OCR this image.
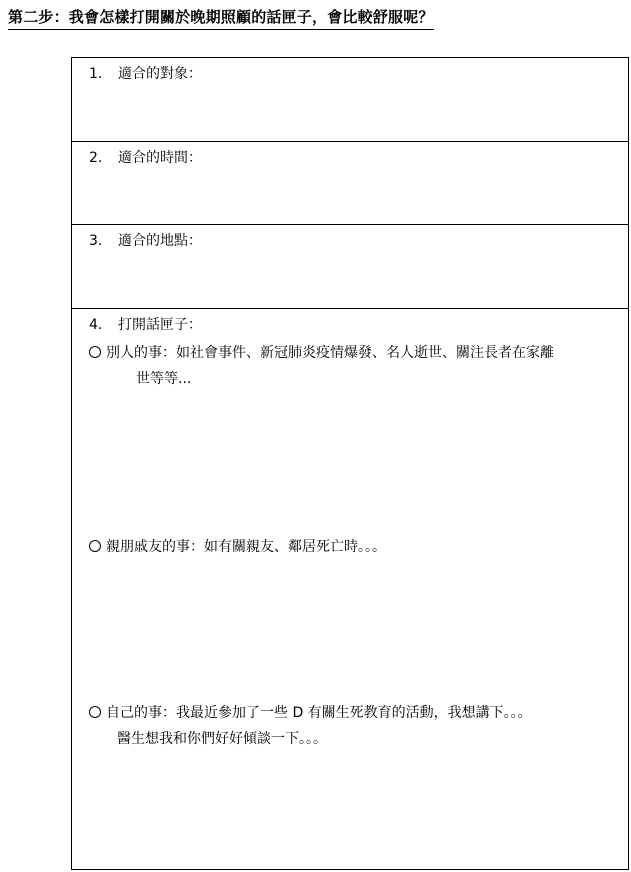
第二步：我會怎樣打開關於晚期照顧的話匣子，會比較舒服呢？
1. 適合的對象：
2. 適合的時間：
3. 適合的地點：
4. 打開話匣子：
別人的事：如社會事件、新冠肺炎疫情爆發、名人逝世、關注長者在家離
世等等...
親朋戚友的事：如有關親友、鄰居死亡時。。。
自己的事：我最近參加了一些 D 有關生死教育的活動，我想講下。。。
醫生想我和你們好好傾談一下。。。
